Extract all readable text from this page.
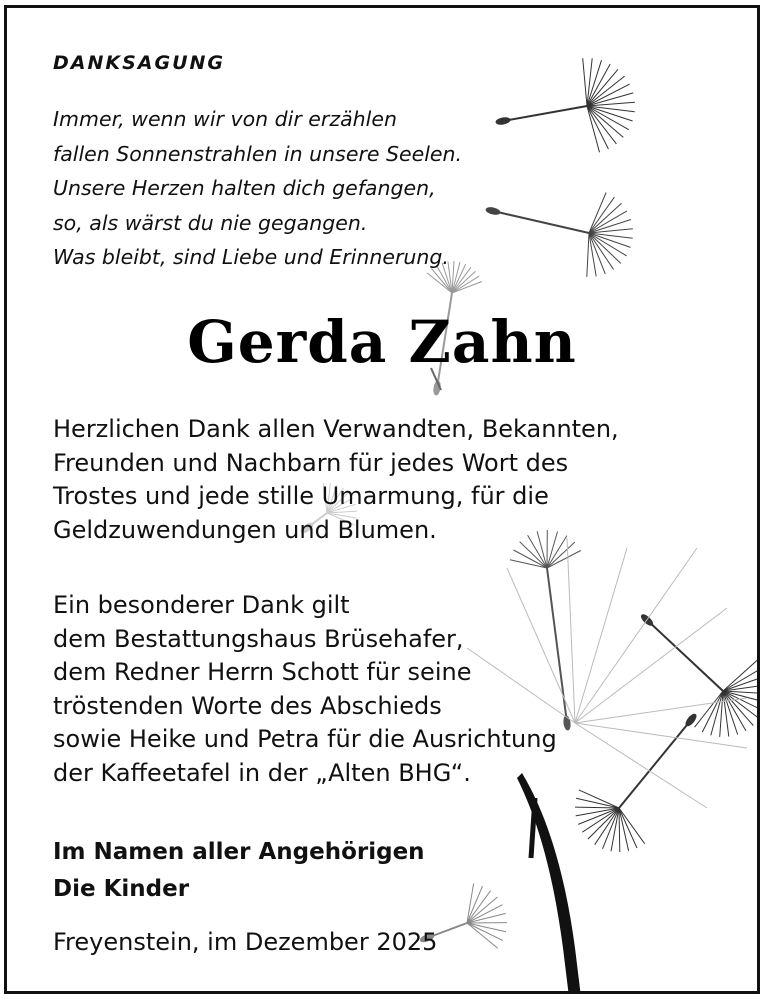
DANKSAGUNG
Immer, wenn wir von dir erzählen
fallen Sonnenstrahlen in unsere Seelen.
Unsere Herzen halten dich gefangen,
so, als wärst du nie gegangen.
Was bleibt, sind Liebe und Erinnerung.
Gerda Zahn
Herzlichen Dank allen Verwandten, Bekannten,
Freunden und Nachbarn für jedes Wort des
Trostes und jede stille Umarmung, für die
Geldzuwendungen und Blumen.
Ein besonderer Dank gilt
dem Bestattungshaus Brüsehafer,
dem Redner Herrn Schott für seine
tröstenden Worte des Abschieds
sowie Heike und Petra für die Ausrichtung
der Kaffeetafel in der „Alten BHG“.
Im Namen aller Angehörigen
Die Kinder
Freyenstein, im Dezember 2025
